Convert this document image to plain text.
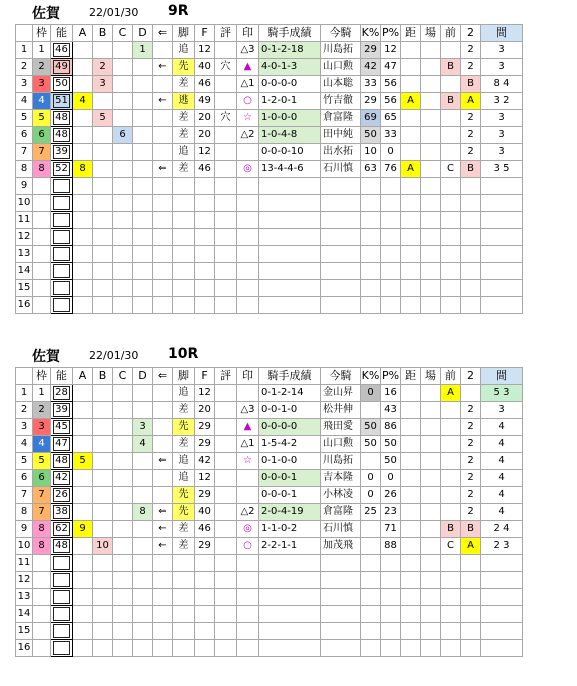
佐賀	22/01/30 9R
	枠	能	A	B	C	D	⇐	脚	F	評	印	騎手成績	今騎	K%	P%	距	場	前	2	間
1	1	46				1		追	12		△3	0-1-2-18	川島拓	29	12				2	3
2	2	49		2			←	先	40	穴	▲	4-0-1-3	山口勲	42	47			B	2	3
3	3	50		3				差	46		△1	0-0-0-0	山本聡	33	56				B	8 4
4	4	51	4				←	逃	49		○	1-2-0-1	竹吉徹	29	56	A		B	A	3 2
5	5	48		5				差	20	穴	☆	1-0-0-0	倉富隆	69	65				2	3
6	6	48			6			差	20		△2	1-0-4-8	田中純	50	33				2	3
7	7	39						追	12			0-0-0-10	出水拓	10	0				2	3
8	8	52	8				⇐	差	46		◎	13-4-4-6	石川慎	63	76	A		C	B	3 5
9		

10		

11		

12		

13		

14		

15		

16		

佐賀	22/01/30 10R
	枠	能	A	B	C	D	⇐	脚	F	評	印	騎手成績	今騎	K%	P%	距	場	前	2	間
1	1	28						追	12			0-1-2-14	金山昇	0	16			A		5 3
2	2	39						差	20		△3	0-0-1-0	松井伸		43				2	3
3	3	45				3		先	29		▲	0-0-0-0	飛田愛	50	86				2	4
4	4	47				4		差	29		△1	1-5-4-2	山口勲	50	50				2	4
5	5	48	5				⇐	追	42		☆	0-1-0-0	川島拓		50				2	4
6	6	42						追	12			0-0-0-1	吉本隆	0	0				2	4
7	7	26						先	29			0-0-0-1	小林凌	0	26				2	4
8	7	38				8	⇐	先	40		△2	2-0-4-19	倉富隆	25	23				2	4
9	8	62	9				←	差	46		◎	1-1-0-2	石川慎		71			B	B	2 4
10	8	48		10			←	差	29		○	2-2-1-1	加茂飛		88			C	A	2 3
11		

12		

13		

14		

15		

16		
